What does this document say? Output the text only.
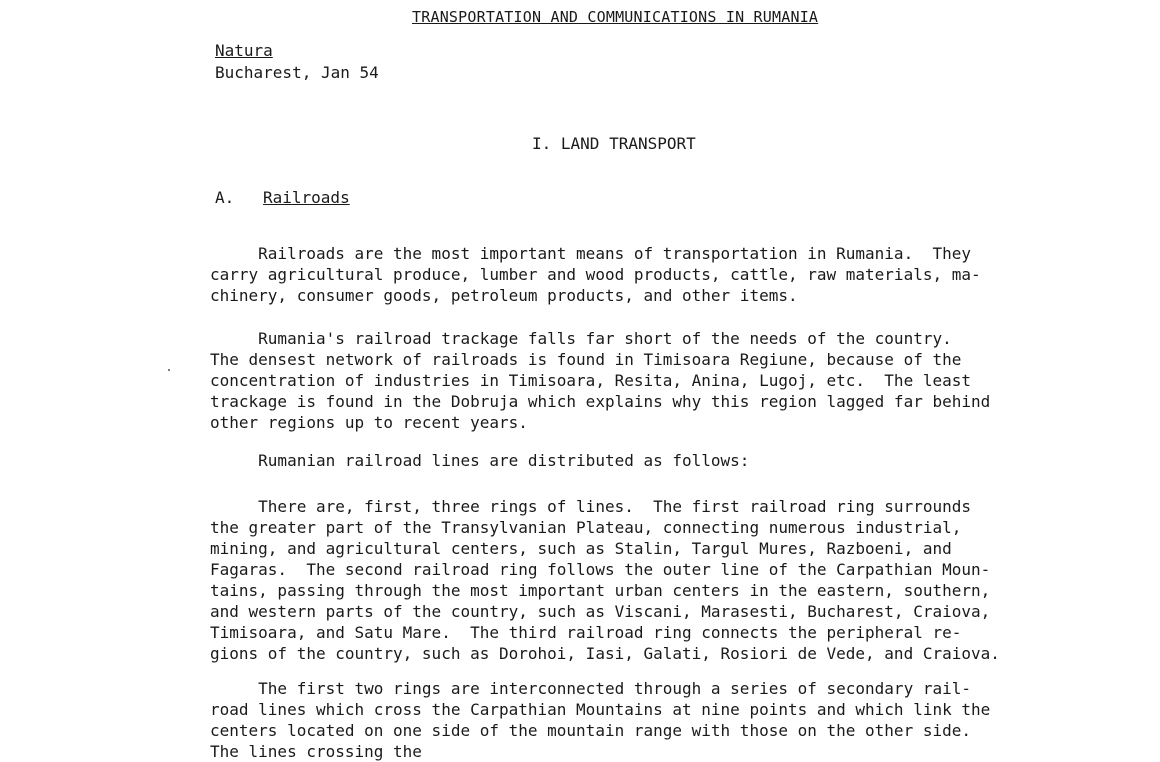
TRANSPORTATION AND COMMUNICATIONS IN RUMANIA
Natura
Bucharest, Jan 54
I. LAND TRANSPORT
A. Railroads
Railroads are the most important means of transportation in Rumania.  They
carry agricultural produce, lumber and wood products, cattle, raw materials, ma-
chinery, consumer goods, petroleum products, and other items.
Rumania's railroad trackage falls far short of the needs of the country.
The densest network of railroads is found in Timisoara Regiune, because of the
concentration of industries in Timisoara, Resita, Anina, Lugoj, etc.  The least
trackage is found in the Dobruja which explains why this region lagged far behind
other regions up to recent years.
Rumanian railroad lines are distributed as follows:
There are, first, three rings of lines.  The first railroad ring surrounds
the greater part of the Transylvanian Plateau, connecting numerous industrial,
mining, and agricultural centers, such as Stalin, Targul Mures, Razboeni, and
Fagaras.  The second railroad ring follows the outer line of the Carpathian Moun-
tains, passing through the most important urban centers in the eastern, southern,
and western parts of the country, such as Viscani, Marasesti, Bucharest, Craiova,
Timisoara, and Satu Mare.  The third railroad ring connects the peripheral re-
gions of the country, such as Dorohoi, Iasi, Galati, Rosiori de Vede, and Craiova.
The first two rings are interconnected through a series of secondary rail-
road lines which cross the Carpathian Mountains at nine points and which link the
centers located on one side of the mountain range with those on the other side.
The lines crossing the
